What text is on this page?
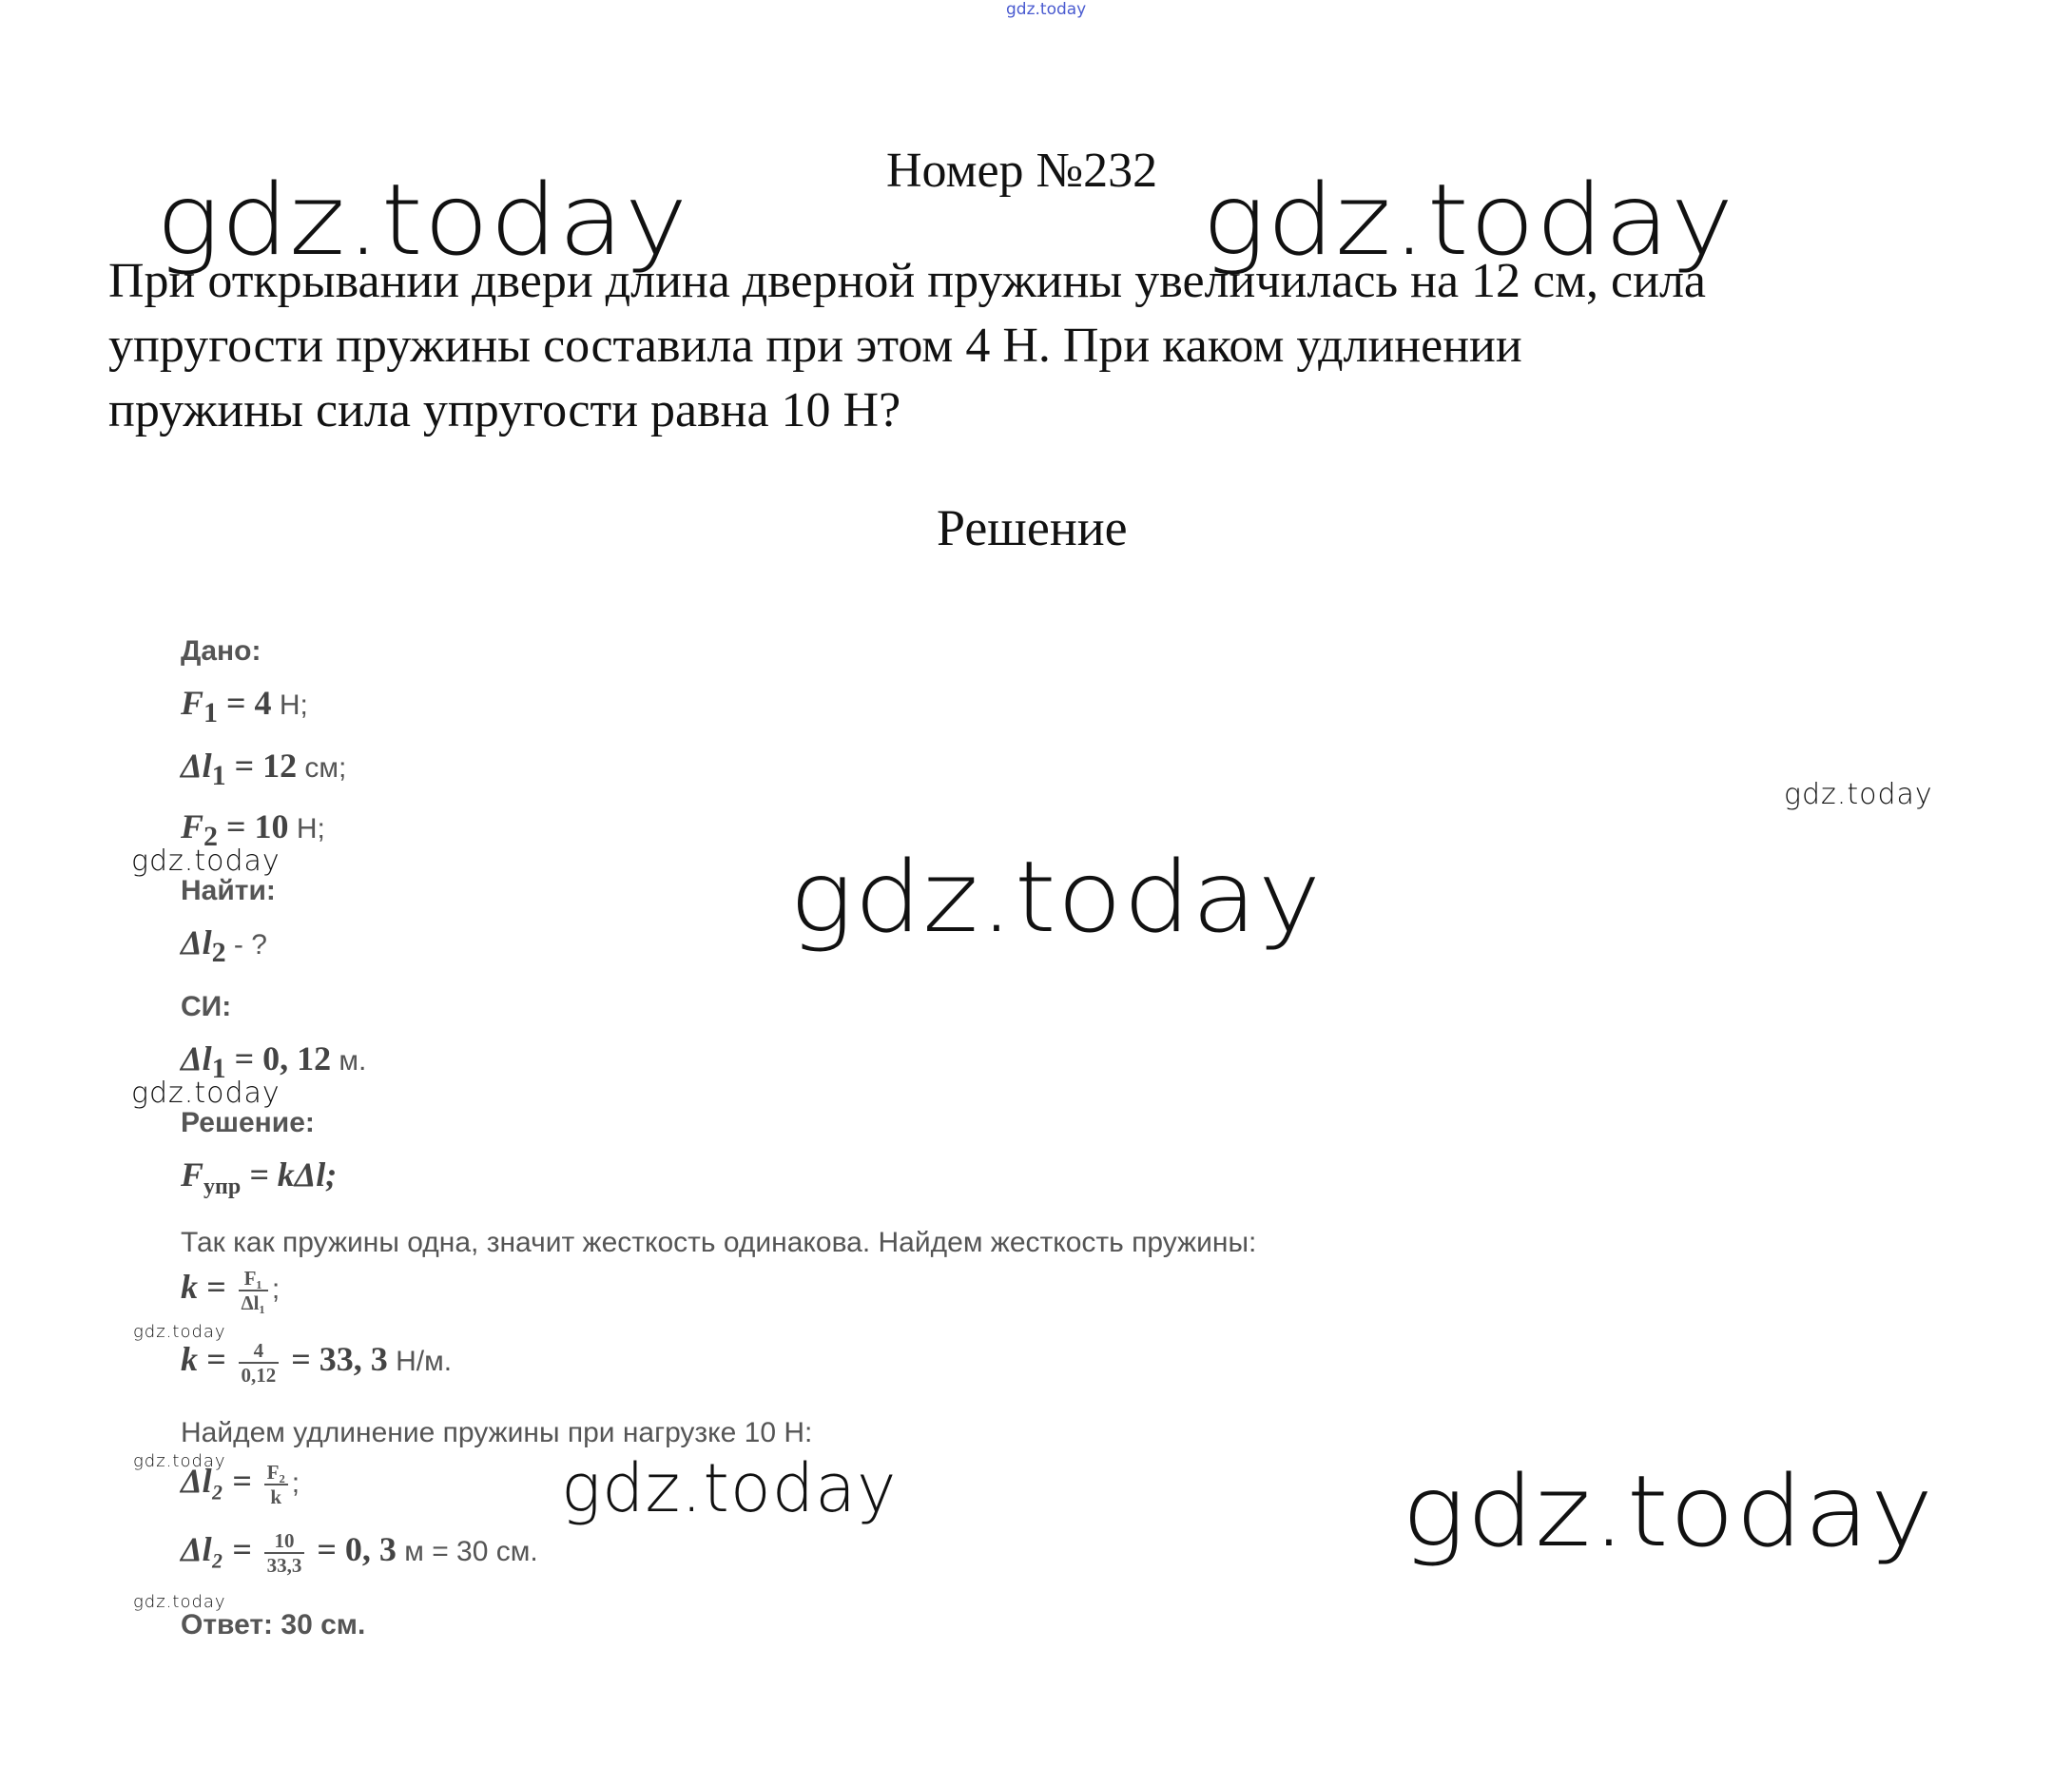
gdz.today
gdz.today	gdz.today
gdz.today
gdz.today
gdz.today
gdz.today
gdz.today
gdz.today
gdz.today
gdz.today
gdz.today
Номер №232
При открывании двери длина дверной пружины увеличилась на 12 см, сила
упругости пружины составила при этом 4 Н. При каком удлинении
пружины сила упругости равна 10 Н?
Решение
Дано:
$F_1 = 4$ Н;
$\Delta l_1 = 12$ см;
$F_2 = 10$ Н;
Найти:
$\Delta l_2$ - ?
СИ:
$\Delta l_1 = 0$, 12 м.
Решение:
$F_{упр} = k\Delta l$;
Так как пружины одна, значит жесткость одинакова. Найдем жесткость пружины:
$k = \frac{\text{F₁}}{\text{Δl₁}}$ ;
$k = \frac{4}{0,12} = 33$, 3 Н/м.
Найдем удлинение пружины при нагрузке 10 Н:
$\Delta l_2 = \frac{\text{F₂}}{k}$ ;
$\Delta l_2 = \frac{10}{33,3} = 0$, 3 м = 30 см.
Ответ: 30 см.
